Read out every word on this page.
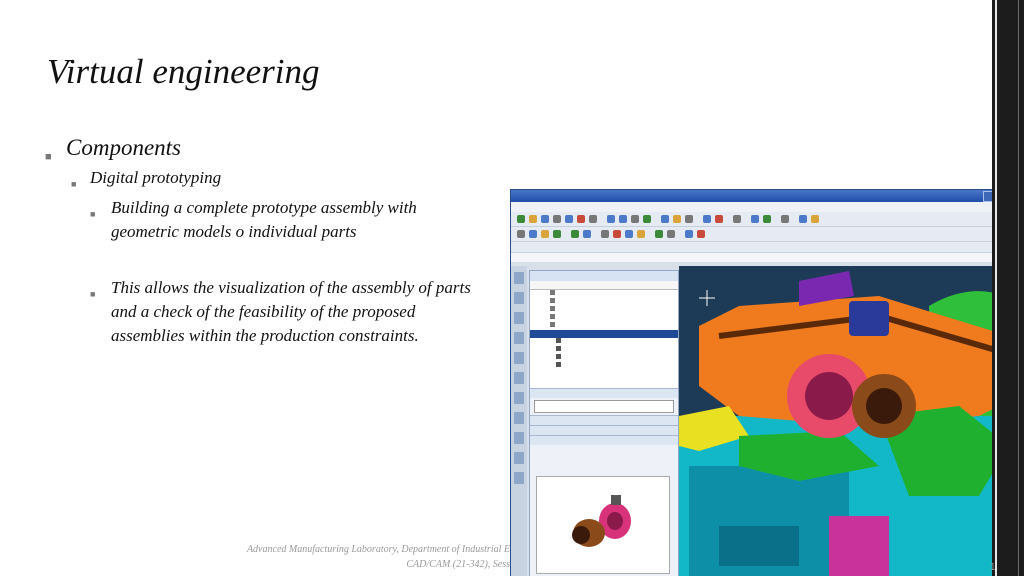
Virtual engineering
■ Components
■ Digital prototyping
■ Building a complete prototype assembly with geometric models o individual parts
■ This allows the visualization of the assembly of parts and a check of the feasibility of the proposed assemblies within the production constraints.
Advanced Manufacturing Laboratory, Department of Industrial E
CAD/CAM (21-342), Sess	1
